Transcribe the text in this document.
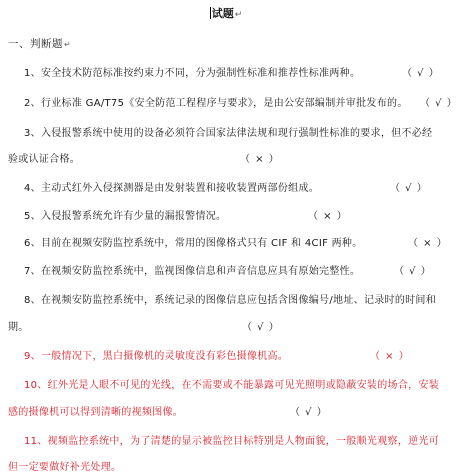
试题↵
一、判断题↵
1、安全技术防范标准按约束力不同，分为强制性标准和推荐性标准两种。	（ √ ）
2、行业标准 GA/T75《安全防范工程程序与要求》，是由公安部编制并审批发布的。 （ √ ）
3、入侵报警系统中使用的设备必须符合国家法律法规和现行强制性标准的要求，但不必经
验或认证合格。	（ × ）
4、主动式红外入侵探测器是由发射装置和接收装置两部份组成。	（ √ ）
5、入侵报警系统允许有少量的漏报警情况。	（ × ）
6、目前在视频安防监控系统中，常用的图像格式只有 CIF 和 4CIF 两种。	（ × ）
7、在视频安防监控系统中，监视图像信息和声音信息应具有原始完整性。	（ √ ）
8、在视频安防监控系统中，系统记录的图像信息应包括含图像编号/地址、记录时的时间和
期。	（ √ ）
9、一般情况下，黑白摄像机的灵敏度没有彩色摄像机高。	（ × ）
10、红外光是人眼不可见的光线，在不需要或不能暴露可见光照明或隐蔽安装的场合，安装
感的摄像机可以得到清晰的视频图像。	（ √ ）
11、视频监控系统中，为了清楚的显示被监控目标特别是人物面貌，一般顺光观察，逆光可
但一定要做好补光处理。
